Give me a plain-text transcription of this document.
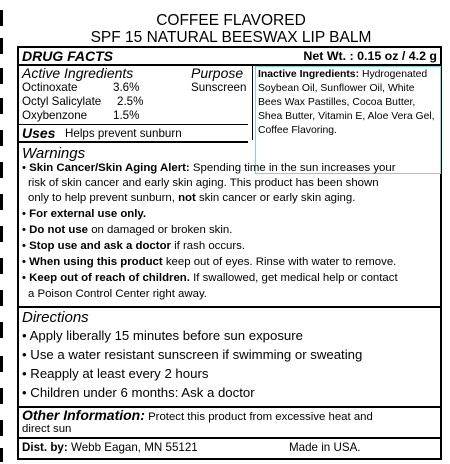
COFFEE FLAVORED
SPF 15 NATURAL BEESWAX LIP BALM
DRUG FACTS	Net Wt. : 0.15 oz / 4.2 g
Active Ingredients	Purpose
Octinoxate	3.6%	Sunscreen
Octyl Salicylate 2.5%
Oxybenzone 1.5%
Inactive Ingredients: Hydrogenated Soybean Oil, Sunflower Oil, White Bees Wax Pastilles, Cocoa Butter, Shea Butter, Vitamin E, Aloe Vera Gel, Coffee Flavoring.
Uses Helps prevent sunburn
Warnings
• Skin Cancer/Skin Aging Alert: Spending time in the sun increases your
risk of skin cancer and early skin aging. This product has been shown
only to help prevent sunburn, not skin cancer or early skin aging.
• For external use only.
• Do not use on damaged or broken skin.
• Stop use and ask a doctor if rash occurs.
• When using this product keep out of eyes. Rinse with water to remove.
• Keep out of reach of children. If swallowed, get medical help or contact
a Poison Control Center right away.
Directions
• Apply liberally 15 minutes before sun exposure
• Use a water resistant sunscreen if swimming or sweating
• Reapply at least every 2 hours
• Children under 6 months: Ask a doctor
Other Information: Protect this product from excessive heat and
direct sun
Dist. by: Webb Eagan, MN 55121	Made in USA.
